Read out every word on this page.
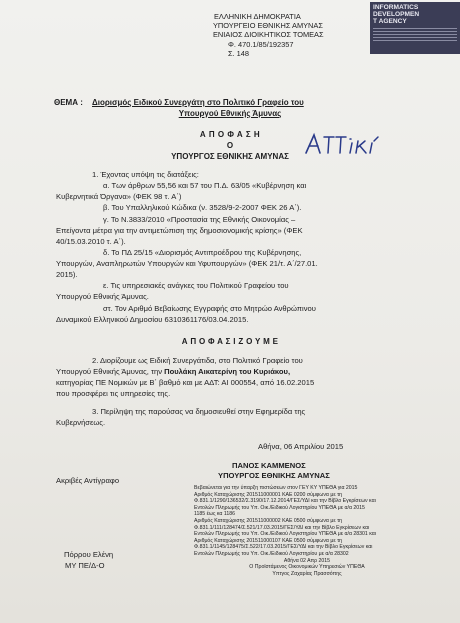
ΕΛΛΗΝΙΚΗ ΔΗΜΟΚΡΑΤΙΑ
ΥΠΟΥΡΓΕΙΟ ΕΘΝΙΚΗΣ ΑΜΥΝΑΣ
ΕΝΙΑΙΟΣ ΔΙΟΙΚΗΤΙΚΟΣ ΤΟΜΕΑΣ
Φ. 470.1/85/192357
Σ. 148
INFORMATICS
DEVELOPMEN
T AGENCY
ΘΕΜΑ : Διορισμός Ειδικού Συνεργάτη στο Πολιτικό Γραφείο του
Υπουργού Εθνικής Άμυνας
Α Π Ο Φ Α Σ Η
Ο
ΥΠΟΥΡΓΟΣ ΕΘΝΙΚΗΣ ΑΜΥΝΑΣ
1. Έχοντας υπόψη τις διατάξεις:
α. Των άρθρων 55,56 και 57 του Π.Δ. 63/05 «Κυβέρνηση και
Κυβερνητικά Όργανα» (ΦΕΚ 98 τ. Α΄)
β. Του Υπαλληλικού Κώδικα (ν. 3528/9-2-2007 ΦΕΚ 26 Α΄).
γ. Το Ν.3833/2010 «Προστασία της Εθνικής Οικονομίας –
Επείγοντα μέτρα για την αντιμετώπιση της δημοσιονομικής κρίσης» (ΦΕΚ
40/15.03.2010 τ. Α΄).
δ. Το ΠΔ 25/15 «Διορισμός Αντιπροέδρου της Κυβέρνησης,
Υπουργών, Αναπληρωτών Υπουργών και Υφυπουργών» (ΦΕΚ 21/τ. Α΄/27.01.
2015).
ε. Τις υπηρεσιακές ανάγκες του Πολιτικού Γραφείου του
Υπουργού Εθνικής Άμυνας.
στ. Τον Αριθμό Βεβαίωσης Εγγραφής στο Μητρώο Ανθρώπινου
Δυναμικού Ελληνικού Δημοσίου 6310361176/03.04.2015.
Α Π Ο Φ Α Σ Ι Ζ Ο Υ Μ Ε
2. Διορίζουμε ως Ειδική Συνεργάτιδα, στο Πολιτικό Γραφείο του
Υπουργού Εθνικής Άμυνας, την Πουλάκη Αικατερίνη του Κυριάκου,
κατηγορίας ΠΕ Νομικών με Β΄ βαθμό και με ΑΔΤ: ΑΙ 000554, από 16.02.2015
που προσφέρει τις υπηρεσίες της.
3. Περίληψη της παρούσας να δημοσιευθεί στην Εφημερίδα της
Κυβερνήσεως.
Αθήνα, 06 Απριλίου 2015
ΠΑΝΟΣ ΚΑΜΜΕΝΟΣ
ΥΠΟΥΡΓΟΣ ΕΘΝΙΚΗΣ ΑΜΥΝΑΣ
Ακριβές Αντίγραφο
Πόρρου Ελένη
ΜΥ ΠΕ/Δ-Ο
Βεβαιώνεται για την ύπαρξη πιστώσεων στον ΓΕΥ ΚΥ ΥΠΕΘΑ για 2015
Αριθμός Καταχώρισης 201511000001 ΚΑΕ 0200 σύμφωνα με τη
Φ.831.1/1290/136532/Σ.3190/17.12.2014/ΓΕΣ/ΥΔΙ και την Βίβλο Εγκρίσεων και
Εντολών Πληρωμής του Υπ. Οικ./Ειδικού Λογιστηρίου ΥΠΕΘΑ με α/α 2015
1185 έως κα 1186
Αριθμός Καταχώρισης 201511000002 ΚΑΕ 0500 σύμφωνα με τη
Φ.831.1/111/128474/Σ.521/17.03.2015/ΓΕΣ/ΥΔΙ και την Βίβλο Εγκρίσεων και
Εντολών Πληρωμής του Υπ. Οικ./Ειδικού Λογιστηρίου ΥΠΕΘΑ με α/α 28301 και
Αριθμός Καταχώρισης 201511000107 ΚΑΕ 0500 σύμφωνα με τη
Φ.831.1/1145/128475/Σ.522/17.03.2015/ΓΕΣ/ΥΔΙ και την Βίβλο Εγκρίσεων και
Εντολών Πληρωμής του Υπ. Οικ./Ειδικού Λογιστηρίου με α/α 28302
Αθήνα 02 Απρ 2015
Ο Προϊστάμενος Οικονομικών Υπηρεσιών ΥΠΕΘΑ
Υπτγος Ζαχαρίας Πρασσόπης
